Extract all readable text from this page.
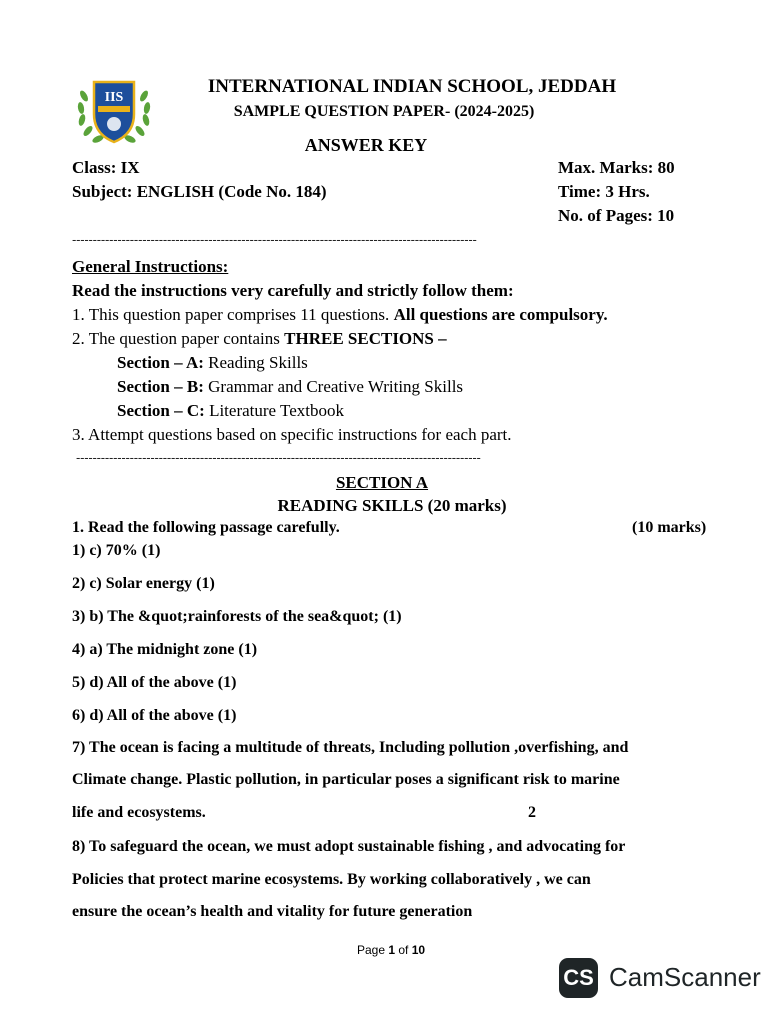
IIS
INTERNATIONAL INDIAN SCHOOL, JEDDAH
SAMPLE QUESTION PAPER- (2024-2025)
ANSWER KEY
Class: IX
Subject: ENGLISH (Code No. 184)
Max. Marks: 80
Time: 3 Hrs.
No. of Pages: 10
--------------------------------------------------------------------------------------------------
General Instructions:
Read the instructions very carefully and strictly follow them:
1. This question paper comprises 11 questions. All questions are compulsory.
2. The question paper contains THREE SECTIONS –
Section – A: Reading Skills
Section – B: Grammar and Creative Writing Skills
Section – C: Literature Textbook
3. Attempt questions based on specific instructions for each part.
--------------------------------------------------------------------------------------------------
SECTION A
READING SKILLS (20 marks)
1. Read the following passage carefully.	(10 marks)
1) c) 70% (1)
2) c) Solar energy (1)
3) b) The &quot;rainforests of the sea&quot; (1)
4) a) The midnight zone (1)
5) d) All of the above (1)
6) d) All of the above (1)
7) The ocean is facing a multitude of threats, Including pollution ,overfishing, and
Climate change. Plastic pollution, in particular poses a significant risk to marine
life and ecosystems.	2
8) To safeguard the ocean, we must adopt sustainable fishing , and advocating for
Policies that protect marine ecosystems. By working collaboratively , we can
ensure the ocean’s health and vitality for future generation
Page 1 of 10
CS CamScanner
